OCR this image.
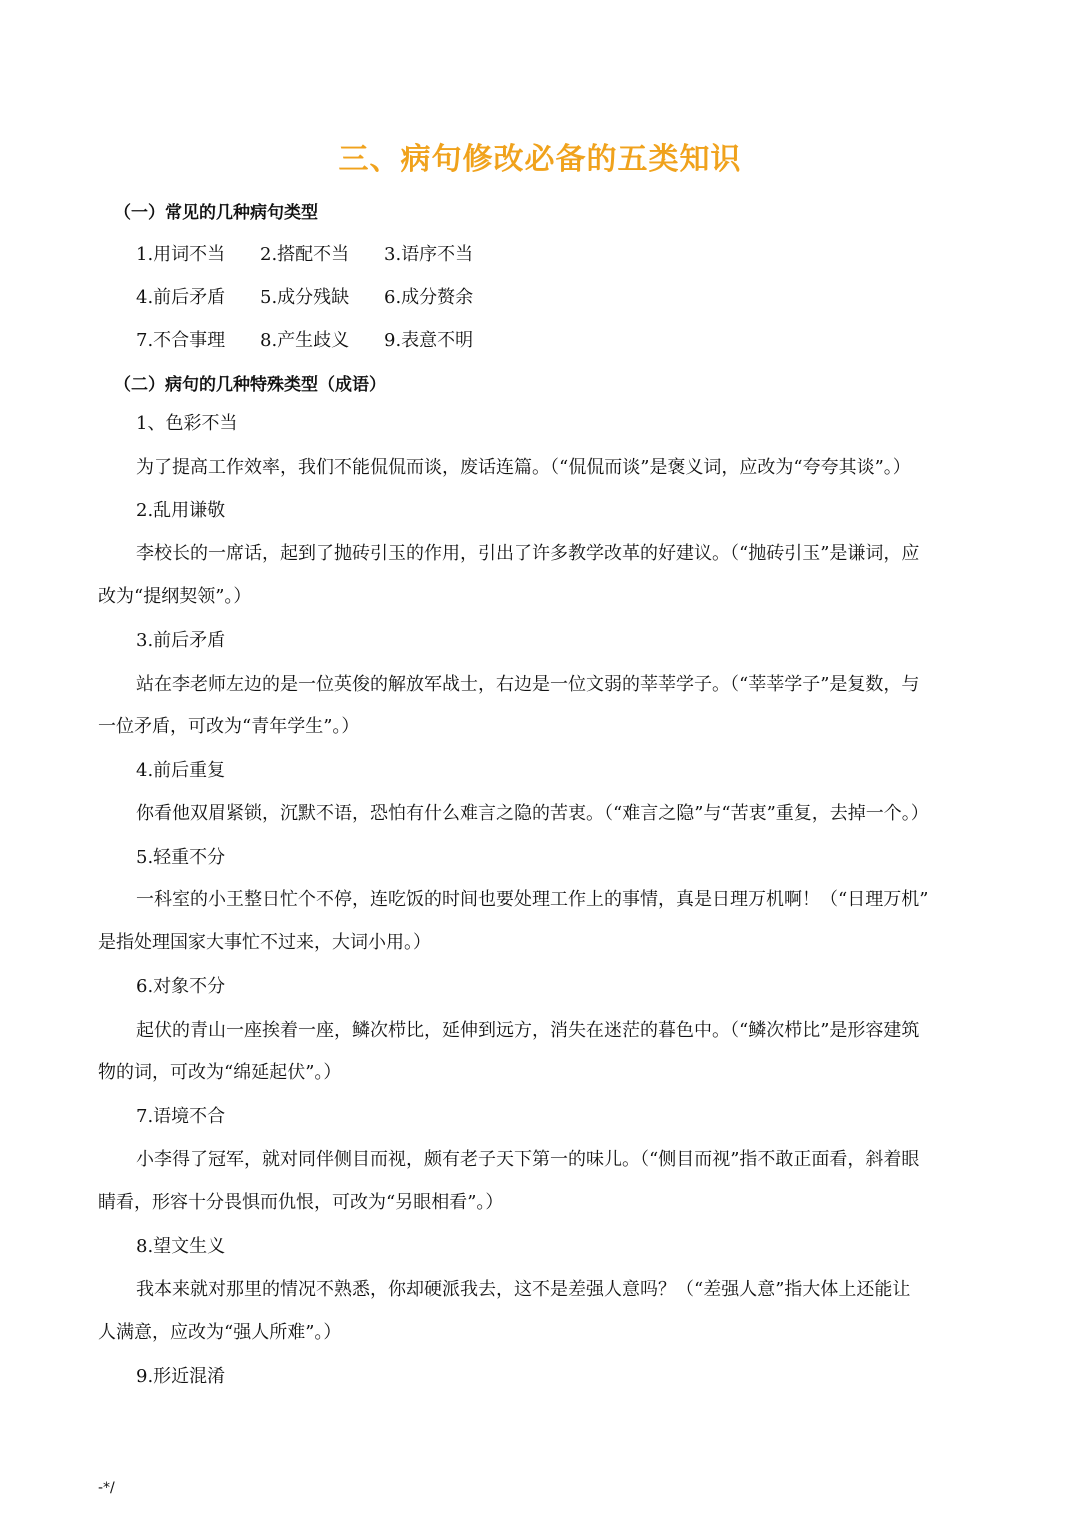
三、病句修改必备的五类知识
（一）常见的几种病句类型
1.用词不当 2.搭配不当 3.语序不当
4.前后矛盾 5.成分残缺 6.成分赘余
7.不合事理 8.产生歧义 9.表意不明
（二）病句的几种特殊类型（成语）
1、色彩不当
为了提高工作效率，我们不能侃侃而谈，废话连篇。（“侃侃而谈”是褒义词，应改为“夸夸其谈”。）
2.乱用谦敬
李校长的一席话，起到了抛砖引玉的作用，引出了许多教学改革的好建议。（“抛砖引玉”是谦词，应
改为“提纲契领”。）
3.前后矛盾
站在李老师左边的是一位英俊的解放军战士，右边是一位文弱的莘莘学子。（“莘莘学子”是复数，与
一位矛盾，可改为“青年学生”。）
4.前后重复
你看他双眉紧锁，沉默不语，恐怕有什么难言之隐的苦衷。（“难言之隐”与“苦衷”重复，去掉一个。）
5.轻重不分
一科室的小王整日忙个不停，连吃饭的时间也要处理工作上的事情，真是日理万机啊！（“日理万机”
是指处理国家大事忙不过来，大词小用。）
6.对象不分
起伏的青山一座挨着一座，鳞次栉比，延伸到远方，消失在迷茫的暮色中。（“鳞次栉比”是形容建筑
物的词，可改为“绵延起伏”。）
7.语境不合
小李得了冠军，就对同伴侧目而视，颇有老子天下第一的味儿。（“侧目而视”指不敢正面看，斜着眼
睛看，形容十分畏惧而仇恨，可改为“另眼相看”。）
8.望文生义
我本来就对那里的情况不熟悉，你却硬派我去，这不是差强人意吗？（“差强人意”指大体上还能让
人满意，应改为“强人所难”。）
9.形近混淆
-*/
